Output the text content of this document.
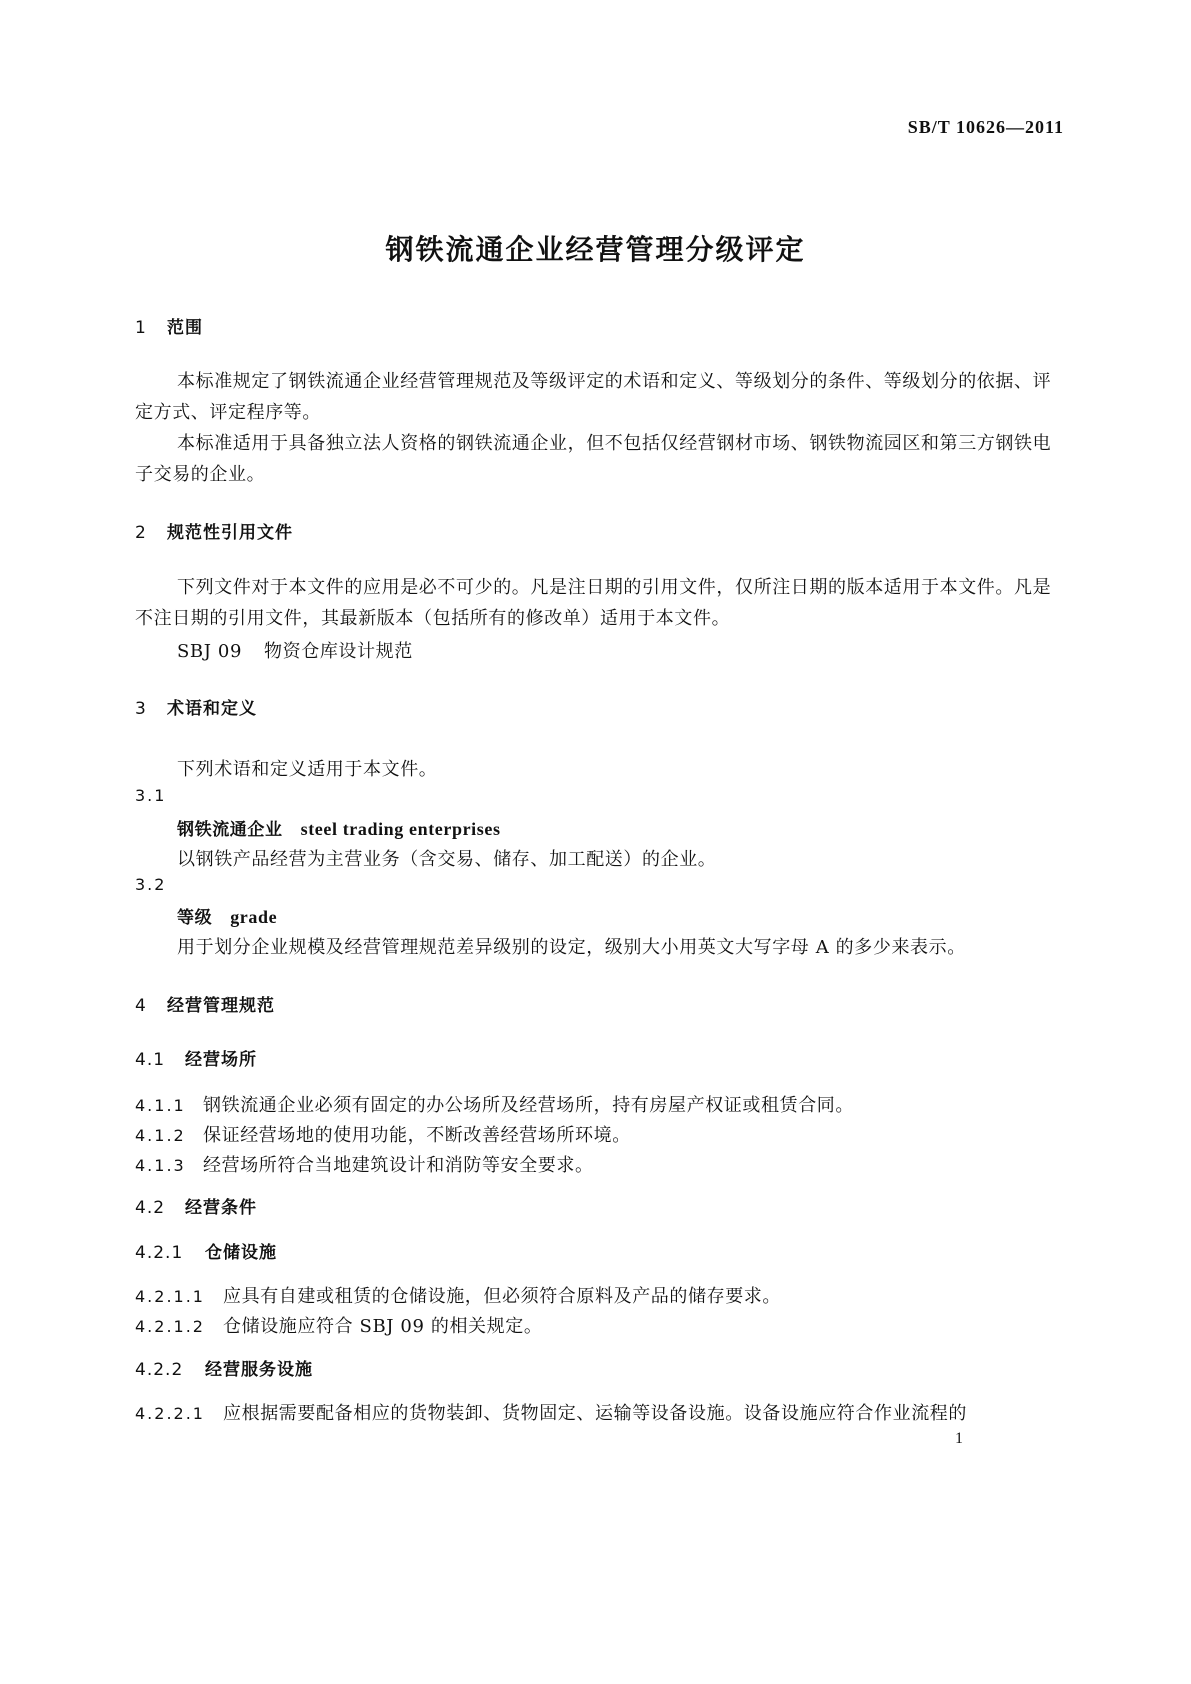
SB/T 10626—2011
钢铁流通企业经营管理分级评定
1 范围
本标准规定了钢铁流通企业经营管理规范及等级评定的术语和定义、等级划分的条件、等级划分的依据、评定方式、评定程序等。
本标准适用于具备独立法人资格的钢铁流通企业，但不包括仅经营钢材市场、钢铁物流园区和第三方钢铁电子交易的企业。
2 规范性引用文件
下列文件对于本文件的应用是必不可少的。凡是注日期的引用文件，仅所注日期的版本适用于本文件。凡是不注日期的引用文件，其最新版本（包括所有的修改单）适用于本文件。
SBJ 09 物资仓库设计规范
3 术语和定义
下列术语和定义适用于本文件。
3.1
钢铁流通企业 steel trading enterprises
以钢铁产品经营为主营业务（含交易、储存、加工配送）的企业。
3.2
等级 grade
用于划分企业规模及经营管理规范差异级别的设定，级别大小用英文大写字母 A 的多少来表示。
4 经营管理规范
4.1 经营场所
4.1.1 钢铁流通企业必须有固定的办公场所及经营场所，持有房屋产权证或租赁合同。
4.1.2 保证经营场地的使用功能，不断改善经营场所环境。
4.1.3 经营场所符合当地建筑设计和消防等安全要求。
4.2 经营条件
4.2.1 仓储设施
4.2.1.1 应具有自建或租赁的仓储设施，但必须符合原料及产品的储存要求。
4.2.1.2 仓储设施应符合 SBJ 09 的相关规定。
4.2.2 经营服务设施
4.2.2.1 应根据需要配备相应的货物装卸、货物固定、运输等设备设施。设备设施应符合作业流程的
1
